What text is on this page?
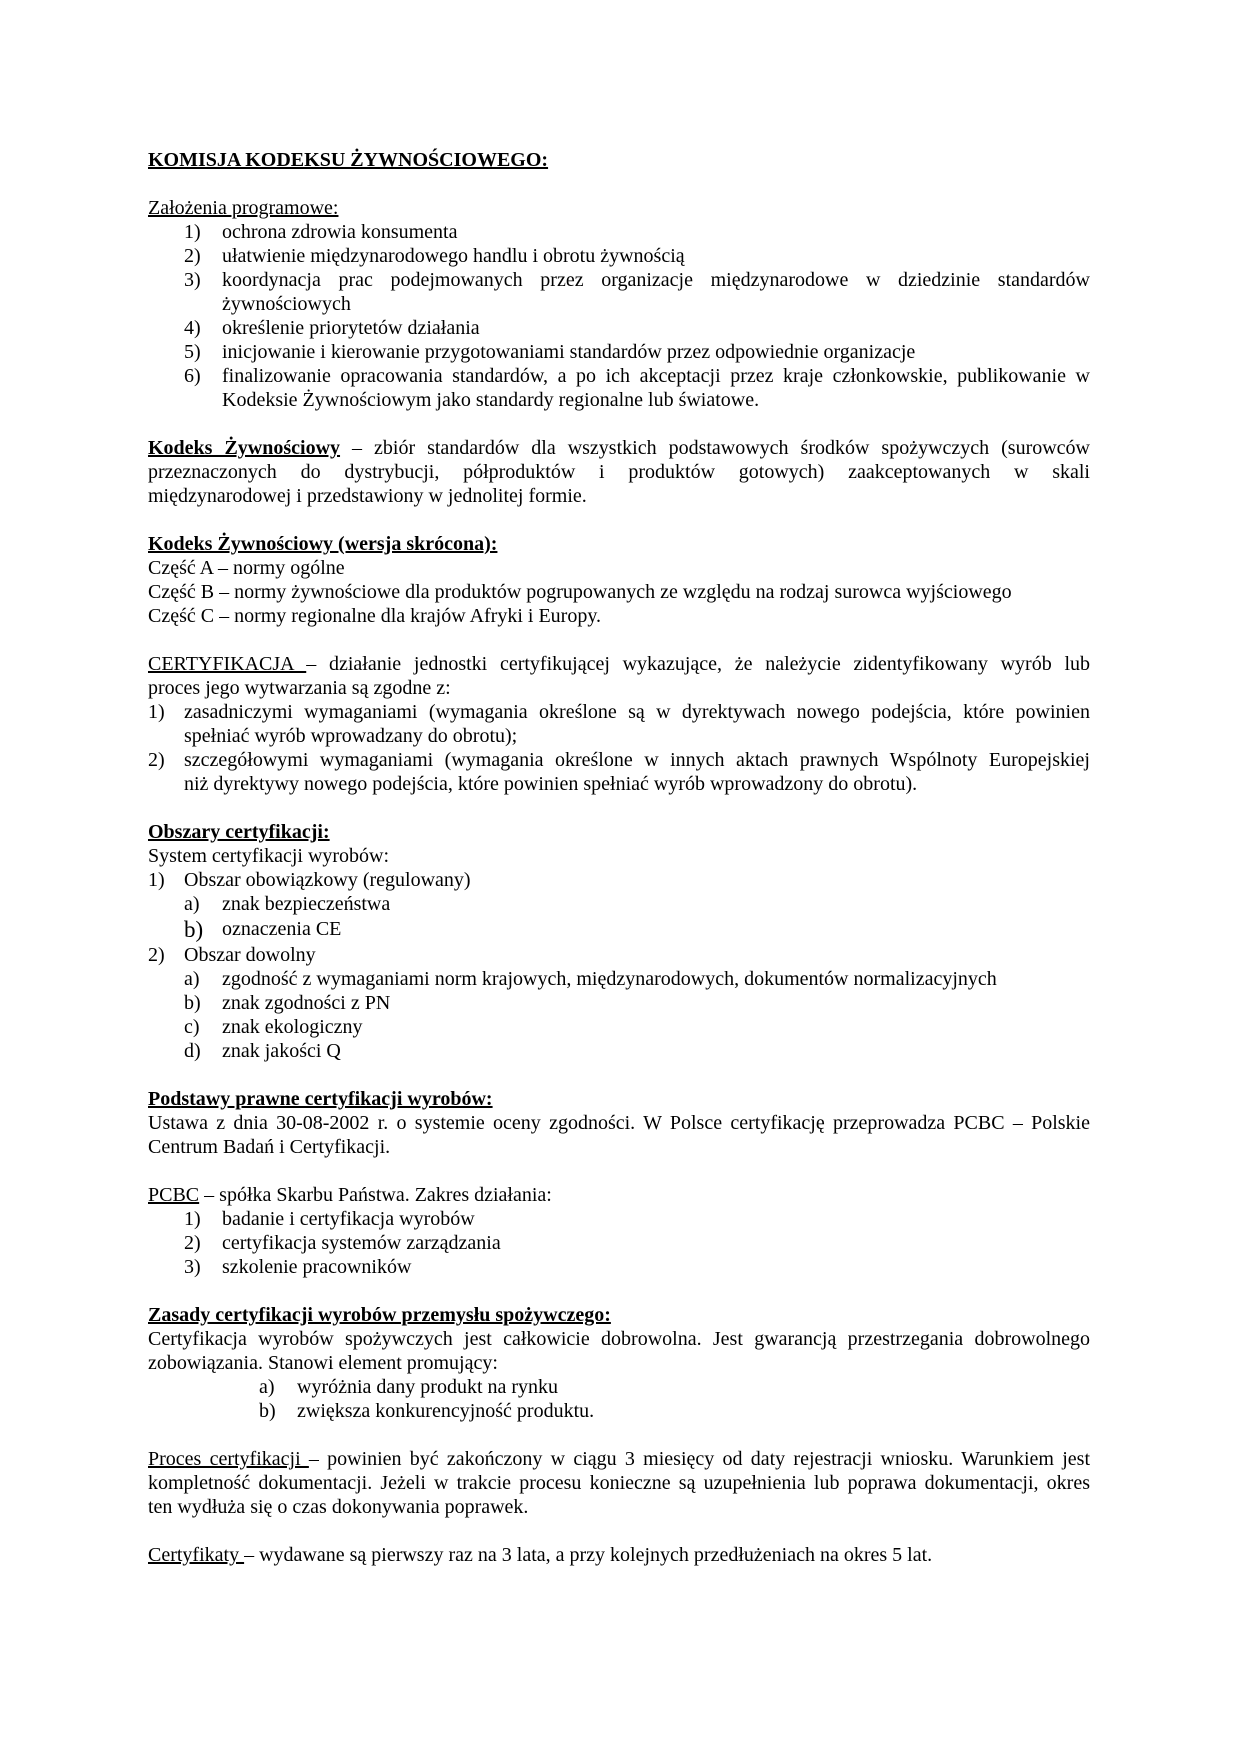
KOMISJA KODEKSU ŻYWNOŚCIOWEGO:
Założenia programowe:
1)	ochrona zdrowia konsumenta
2)	ułatwienie międzynarodowego handlu i obrotu żywnością
3)	koordynacja prac podejmowanych przez organizacje międzynarodowe w dziedzinie standardów
żywnościowych
4)	określenie priorytetów działania
5)	inicjowanie i kierowanie przygotowaniami standardów przez odpowiednie organizacje
6)	finalizowanie opracowania standardów, a po ich akceptacji przez kraje członkowskie, publikowanie w
Kodeksie Żywnościowym jako standardy regionalne lub światowe.
Kodeks Żywnościowy – zbiór standardów dla wszystkich podstawowych środków spożywczych (surowców
przeznaczonych do dystrybucji, półproduktów i produktów gotowych) zaakceptowanych w skali
międzynarodowej i przedstawiony w jednolitej formie.
Kodeks Żywnościowy (wersja skrócona):
Część A – normy ogólne
Część B – normy żywnościowe dla produktów pogrupowanych ze względu na rodzaj surowca wyjściowego
Część C – normy regionalne dla krajów Afryki i Europy.
CERTYFIKACJA – działanie jednostki certyfikującej wykazujące, że należycie zidentyfikowany wyrób lub
proces jego wytwarzania są zgodne z:
1) zasadniczymi wymaganiami (wymagania określone są w dyrektywach nowego podejścia, które powinien
spełniać wyrób wprowadzany do obrotu);
2) szczegółowymi wymaganiami (wymagania określone w innych aktach prawnych Wspólnoty Europejskiej
niż dyrektywy nowego podejścia, które powinien spełniać wyrób wprowadzony do obrotu).
Obszary certyfikacji:
System certyfikacji wyrobów:
1) Obszar obowiązkowy (regulowany)
a)	znak bezpieczeństwa
b) oznaczenia CE
2) Obszar dowolny
a)	zgodność z wymaganiami norm krajowych, międzynarodowych, dokumentów normalizacyjnych
b)	znak zgodności z PN
c)	znak ekologiczny
d)	znak jakości Q
Podstawy prawne certyfikacji wyrobów:
Ustawa z dnia 30-08-2002 r. o systemie oceny zgodności. W Polsce certyfikację przeprowadza PCBC – Polskie
Centrum Badań i Certyfikacji.
PCBC – spółka Skarbu Państwa. Zakres działania:
1)	badanie i certyfikacja wyrobów
2)	certyfikacja systemów zarządzania
3)	szkolenie pracowników
Zasady certyfikacji wyrobów przemysłu spożywczego:
Certyfikacja wyrobów spożywczych jest całkowicie dobrowolna. Jest gwarancją przestrzegania dobrowolnego
zobowiązania. Stanowi element promujący:
a)	wyróżnia dany produkt na rynku
b)	zwiększa konkurencyjność produktu.
Proces certyfikacji – powinien być zakończony w ciągu 3 miesięcy od daty rejestracji wniosku. Warunkiem jest
kompletność dokumentacji. Jeżeli w trakcie procesu konieczne są uzupełnienia lub poprawa dokumentacji, okres
ten wydłuża się o czas dokonywania poprawek.
Certyfikaty – wydawane są pierwszy raz na 3 lata, a przy kolejnych przedłużeniach na okres 5 lat.
